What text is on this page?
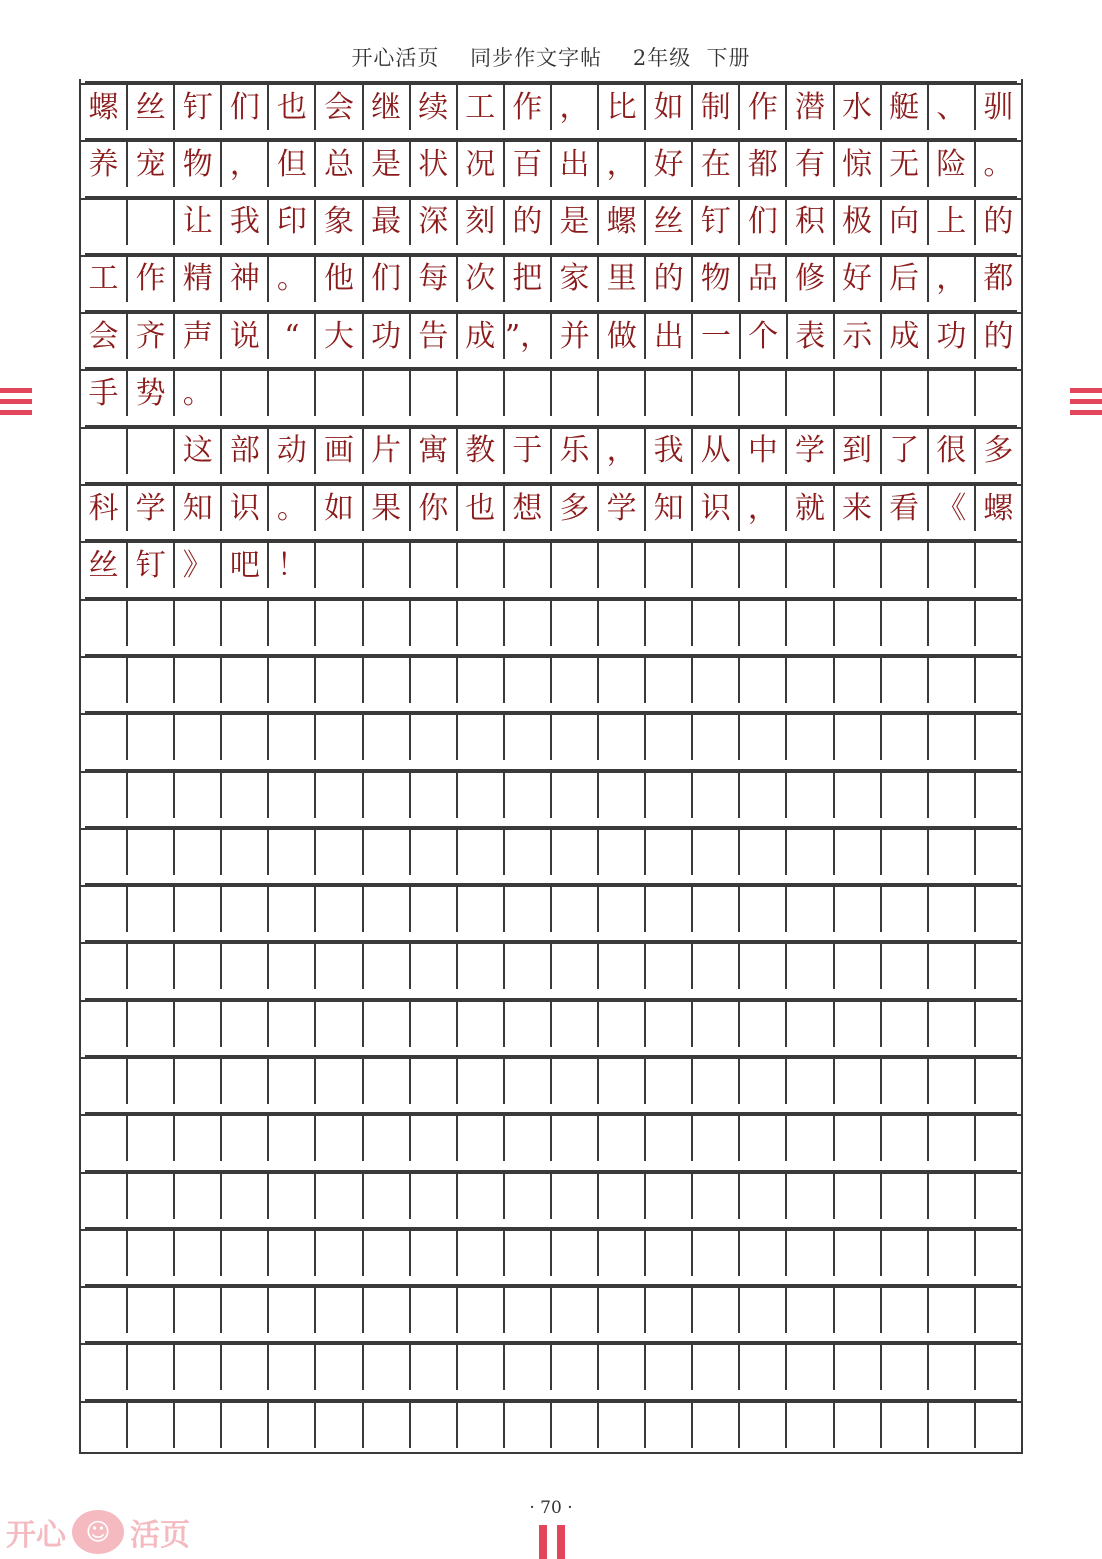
开心活页    同步作文字帖    2年级  下册
螺 丝 钉 们 也 会 继 续 工 作 ， 比 如 制 作 潜 水 艇 、 驯
养 宠 物 ， 但 总 是 状 况 百 出 ， 好 在 都 有 惊 无 险 。
让 我 印 象 最 深 刻 的 是 螺 丝 钉 们 积 极 向 上 的
工 作 精 神 。 他 们 每 次 把 家 里 的 物 品 修 好 后 ， 都
会 齐 声 说 “ 大 功 告 成 ”， 并 做 出 一 个 表 示 成 功 的
手 势 。
这 部 动 画 片 寓 教 于 乐 ， 我 从 中 学 到 了 很 多
科 学 知 识 。 如 果 你 也 想 多 学 知 识 ， 就 来 看 《 螺
丝 钉 》 吧 ！
· 70 ·
开心 ☺ 活页
